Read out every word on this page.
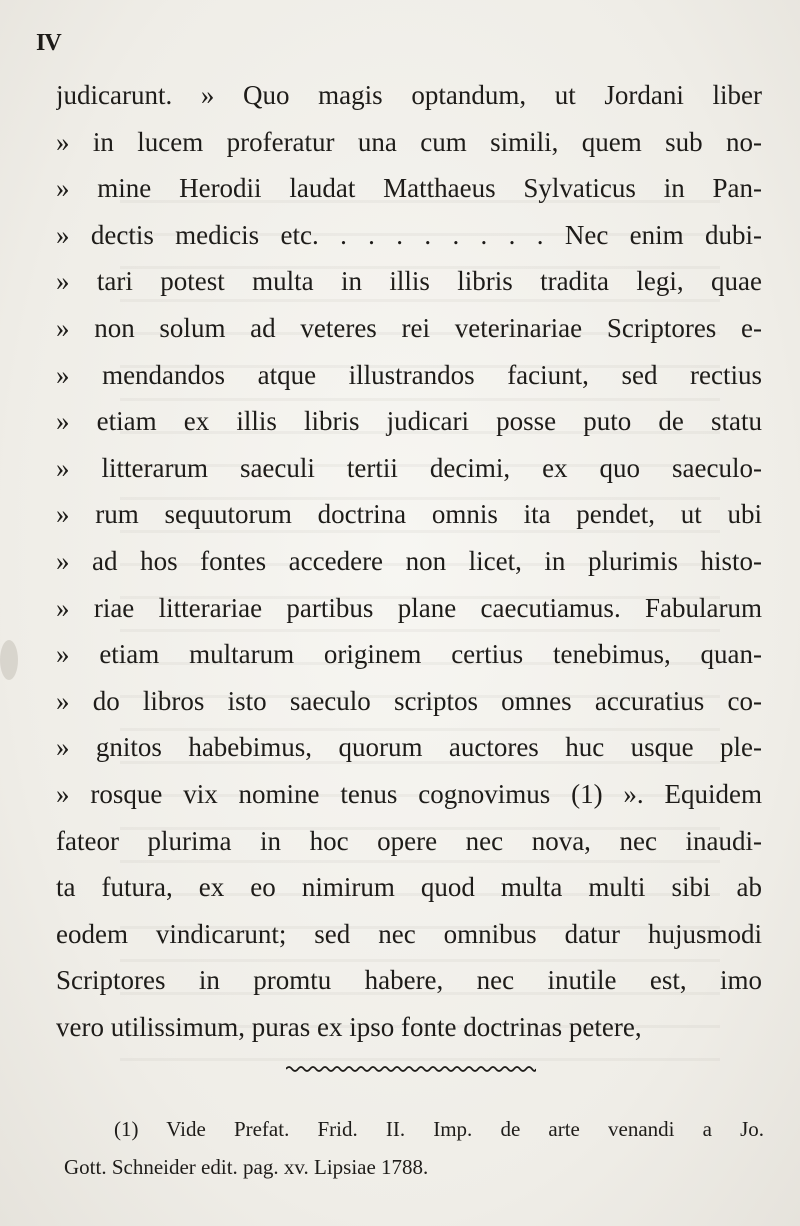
IV
judicarunt. » Quo magis optandum, ut Jordani liber
» in lucem proferatur una cum simili, quem sub no-
» mine Herodii laudat Matthaeus Sylvaticus in Pan-
» dectis medicis etc. . . . . . . . . Nec enim dubi-
» tari potest multa in illis libris tradita legi, quae
» non solum ad veteres rei veterinariae Scriptores e-
» mendandos atque illustrandos faciunt, sed rectius
» etiam ex illis libris judicari posse puto de statu
» litterarum saeculi tertii decimi, ex quo saeculo-
» rum sequutorum doctrina omnis ita pendet, ut ubi
» ad hos fontes accedere non licet, in plurimis histo-
» riae litterariae partibus plane caecutiamus. Fabularum
» etiam multarum originem certius tenebimus, quan-
» do libros isto saeculo scriptos omnes accuratius co-
» gnitos habebimus, quorum auctores huc usque ple-
» rosque vix nomine tenus cognovimus (1) ». Equidem
fateor plurima in hoc opere nec nova, nec inaudi-
ta futura, ex eo nimirum quod multa multi sibi ab
eodem vindicarunt; sed nec omnibus datur hujusmodi
Scriptores in promtu habere, nec inutile est, imo
vero utilissimum, puras ex ipso fonte doctrinas petere,
(1) Vide Prefat. Frid. II. Imp. de arte venandi a Jo.
Gott. Schneider edit. pag. xv. Lipsiae 1788.
